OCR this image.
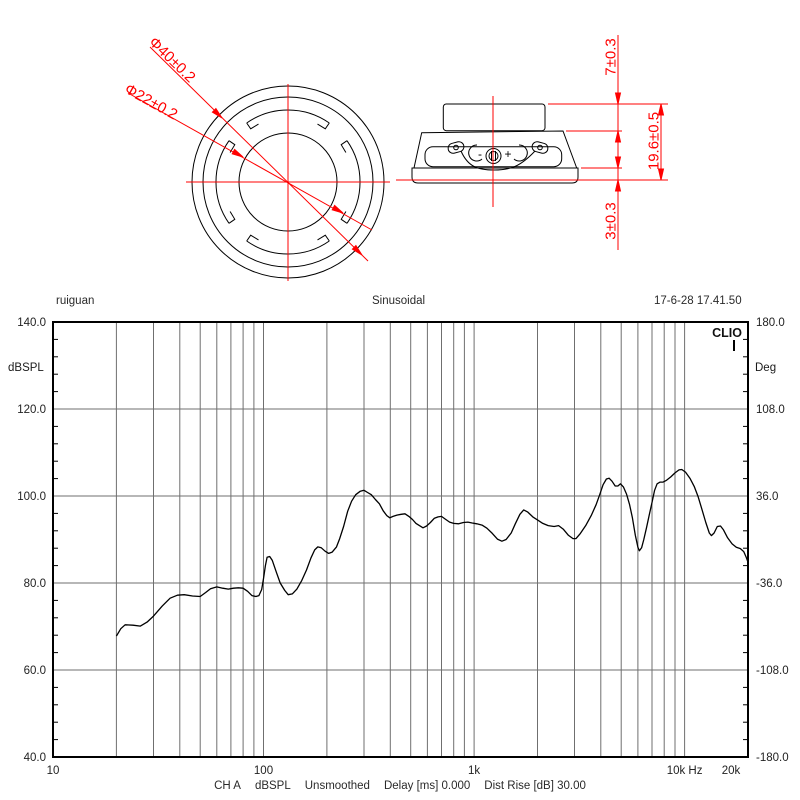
Φ40±0.2
Φ22±0.2
- +
7±0.3
19.6±0.5
3±0.3
140.0
120.0
100.0
80.0
60.0
40.0
180.0
108.0
36.0
-36.0
-108.0
-180.0
10	100	1k	10k Hz 20k
ruiguan	Sinusoidal	17-6-28 17.41.50
CLIO
dBSPL	Deg
CH A dBSPL Unsmoothed Delay [ms] 0.000 Dist Rise [dB] 30.00
